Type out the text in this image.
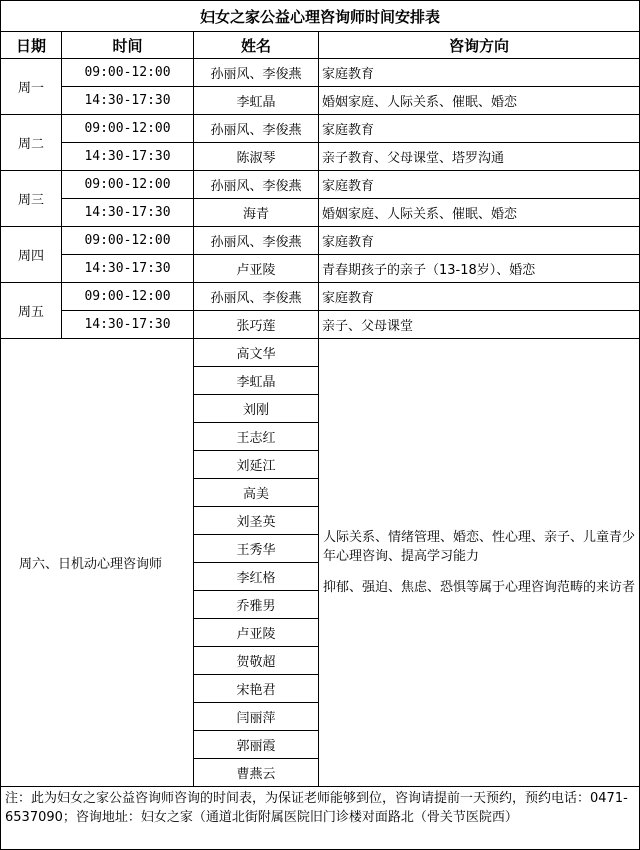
妇女之家公益心理咨询师时间安排表			
日期	时间	姓名	咨询方向
周一	09:00-12:00	孙丽风、李俊燕	家庭教育
	14:30-17:30	李虹晶	婚姻家庭、人际关系、催眠、婚恋
周二	09:00-12:00	孙丽风、李俊燕	家庭教育
	14:30-17:30	陈淑琴	亲子教育、父母课堂、塔罗沟通
周三	09:00-12:00	孙丽风、李俊燕	家庭教育
	14:30-17:30	海青	婚姻家庭、人际关系、催眠、婚恋
周四	09:00-12:00	孙丽风、李俊燕	家庭教育
	14:30-17:30	卢亚陵	青春期孩子的亲子（13-18岁）、婚恋
周五	09:00-12:00	孙丽风、李俊燕	家庭教育
	14:30-17:30	张巧莲	亲子、父母课堂
周六、日机动心理咨询师		高文华	人际关系、情绪管理、婚恋、性心理、亲子、儿童青少年心理咨询、提高学习能力

抑郁、强迫、焦虑、恐惧等属于心理咨询范畴的来访者

		李虹晶	
		刘刚	
		王志红	
		刘延江	
		高美	
		刘圣英	
		王秀华	
		李红格	
		乔雅男	
		卢亚陵	
		贺敬超	
		宋艳君	
		闫丽萍	
		郭丽霞	
		曹燕云	
注：此为妇女之家公益咨询师咨询的时间表，为保证老师能够到位，咨询请提前一天预约，预约电话：0471-6537090；咨询地址：妇女之家（通道北街附属医院旧门诊楼对面路北（骨关节医院西）			
